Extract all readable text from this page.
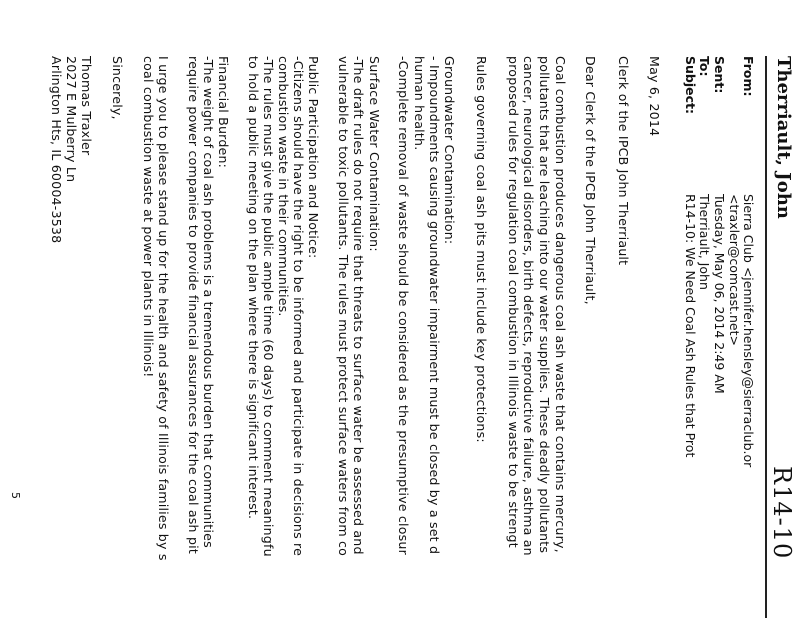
Therriault, John
R14-10
From:
Sierra Club <jennifer.hensley@sierraclub.or
<traxler@comcast.net>
Sent:
Tuesday, May 06, 2014 2:49 AM
To:
Therriault, John
Subject:
R14-10: We Need Coal Ash Rules that Prot
May 6, 2014
Clerk of the IPCB John Therriault
Dear Clerk of the IPCB John Therriault,
Coal combustion produces dangerous coal ash waste that contains mercury,
pollutants that are leaching into our water supplies. These deadly pollutants
cancer, neurological disorders, birth defects, reproductive failure, asthma an
proposed rules for regulation coal combustion in Illinois waste to be strengt
Rules governing coal ash pits must include key protections:
Groundwater Contamination:
- Impoundments causing groundwater impairment must be closed by a set d
human health.
-Complete removal of waste should be considered as the presumptive closur
Surface Water Contamination:
-The draft rules do not require that threats to surface water be assessed and
vulnerable to toxic pollutants. The rules must protect surface waters from co
Public Participation and Notice:
-Citizens should have the right to be informed and participate in decisions re
combustion waste in their communities.
-The rules must give the public ample time (60 days) to comment meaningfu
to hold a public meeting on the plan where there is significant interest.
Financial Burden:
-The weight of coal ash problems is a tremendous burden that communities
require power companies to provide financial assurances for the coal ash pit
I urge you to please stand up for the health and safety of Illinois families by s
coal combustion waste at power plants in Illinois!
Sincerely,
Thomas Traxler
2027 E Mulberry Ln
Arlington Hts, IL 60004-3538
5
